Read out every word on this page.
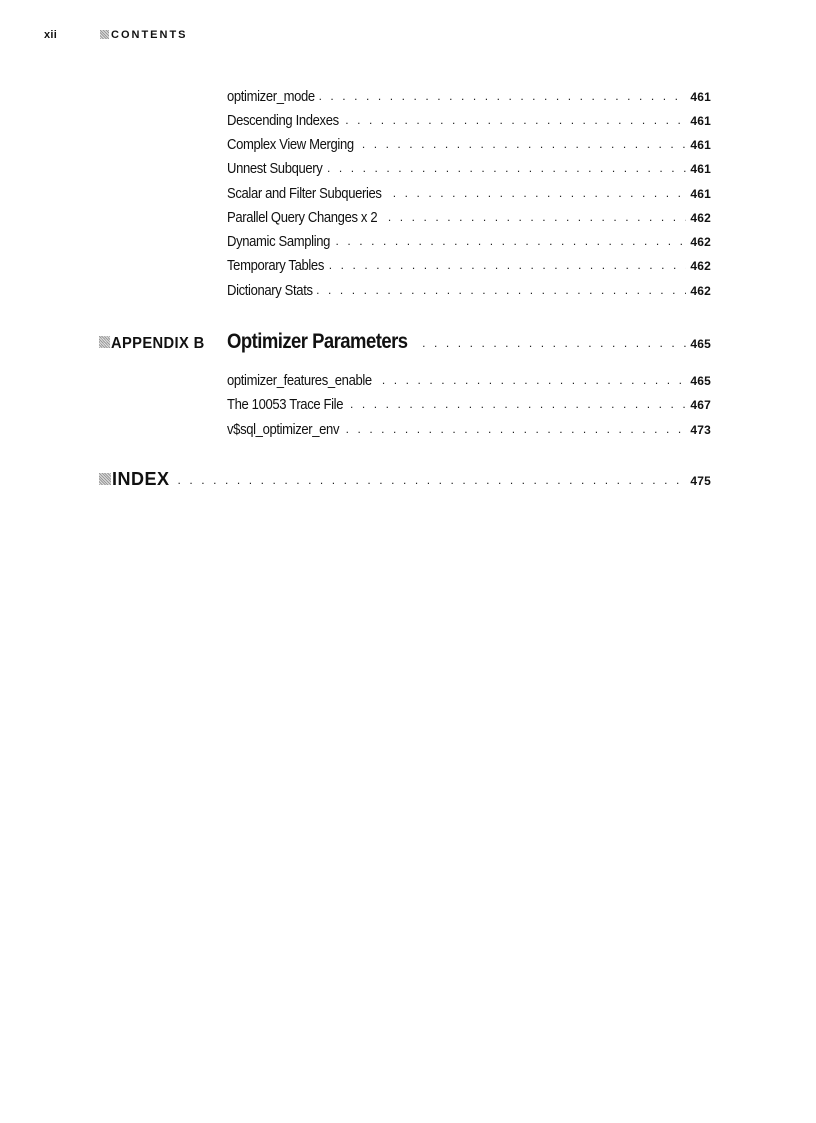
xii	CONTENTS
optimizer_mode . . .	461
Descending Indexes . . .	461
Complex View Merging . . .	461
Unnest Subquery . . .	461
Scalar and Filter Subqueries . . .	461
Parallel Query Changes x 2 . . .	462
Dynamic Sampling . . .	462
Temporary Tables . . .	462
Dictionary Stats . . .	462
APPENDIX B	Optimizer Parameters . . .	465
optimizer_features_enable . . .	465
The 10053 Trace File . . .	467
v$sql_optimizer_env . . .	473
INDEX . . .	475
